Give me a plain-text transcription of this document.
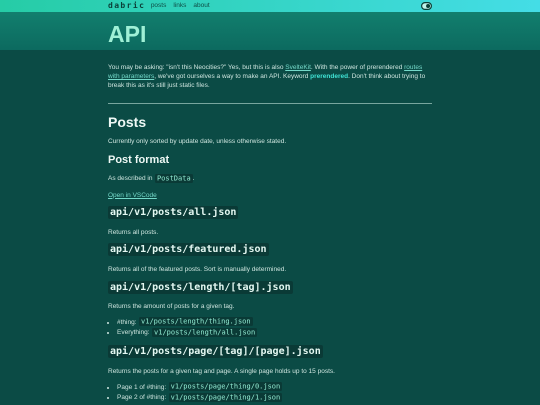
dabric posts links about
API

You may be asking: "isn't this Neocities?" Yes, but this is also SvelteKit. With the power of prerendered routes with parameters, we've got ourselves a way to make an API. Keyword prerendered. Don't think about trying to break this as it's still just static files.

Posts

Currently only sorted by update date, unless otherwise stated.

Post format

As described in PostData .

Open in VSCode

api/v1/posts/all.json

Returns all posts.

api/v1/posts/featured.json

Returns all of the featured posts. Sort is manually determined.

api/v1/posts/length/[tag].json

Returns the amount of posts for a given tag.

• #thing: v1/posts/length/thing.json
• Everything: v1/posts/length/all.json
api/v1/posts/page/[tag]/[page].json

Returns the posts for a given tag and page. A single page holds up to 15 posts.

• Page 1 of #thing: v1/posts/page/thing/0.json
• Page 2 of #thing: v1/posts/page/thing/1.json
